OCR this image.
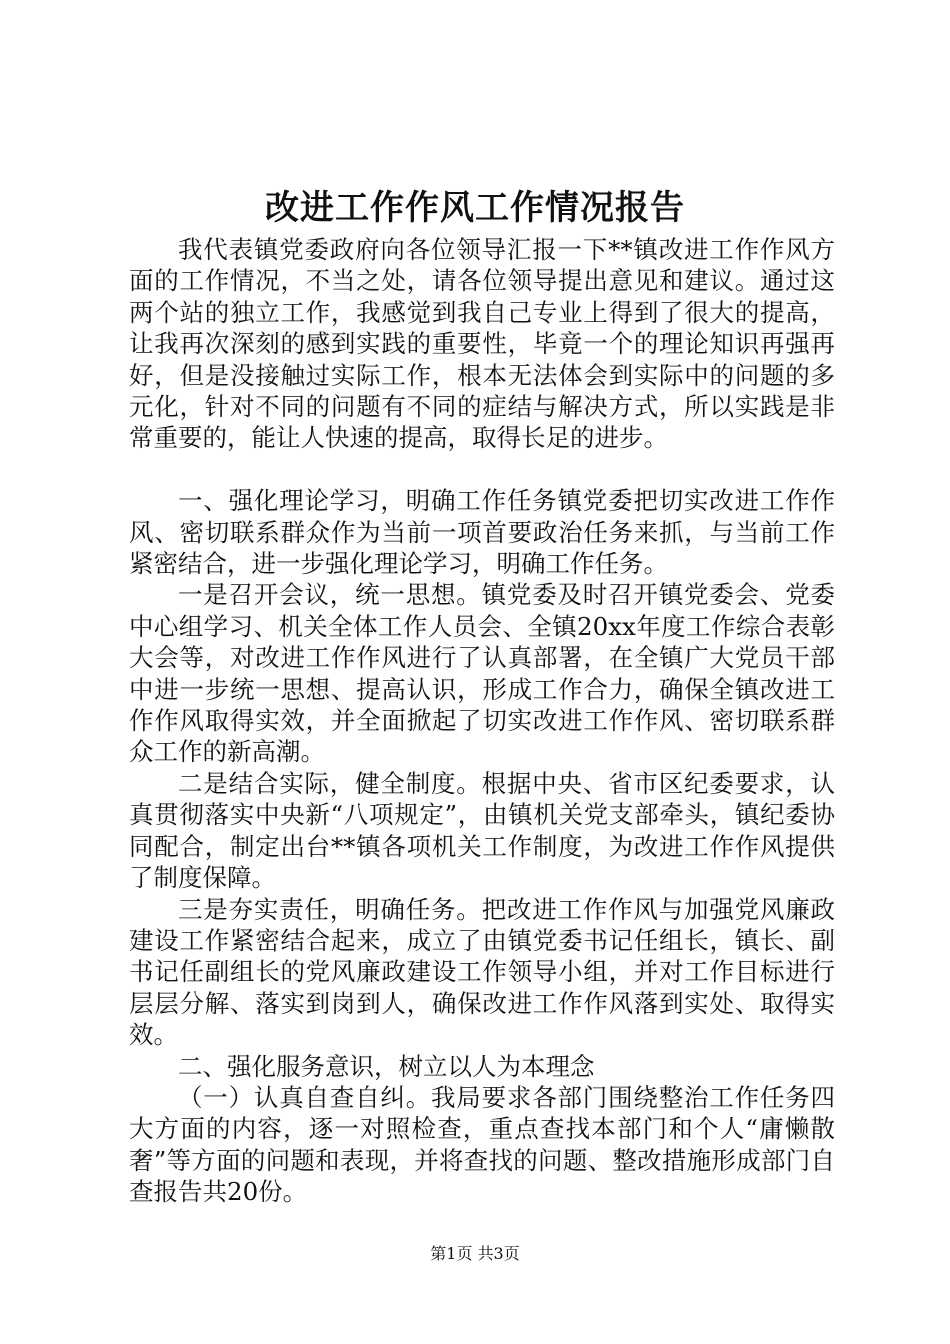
改进工作作风工作情况报告

我代表镇党委政府向各位领导汇报一下**镇改进工作作风方面的工作情况，不当之处，请各位领导提出意见和建议。通过这两个站的独立工作，我感觉到我自己专业上得到了很大的提高，让我再次深刻的感到实践的重要性，毕竟一个的理论知识再强再好，但是没接触过实际工作，根本无法体会到实际中的问题的多元化，针对不同的问题有不同的症结与解决方式，所以实践是非常重要的，能让人快速的提高，取得长足的进步。

一、强化理论学习，明确工作任务镇党委把切实改进工作作风、密切联系群众作为当前一项首要政治任务来抓，与当前工作紧密结合，进一步强化理论学习，明确工作任务。

一是召开会议，统一思想。镇党委及时召开镇党委会、党委中心组学习、机关全体工作人员会、全镇20xx年度工作综合表彰大会等，对改进工作作风进行了认真部署，在全镇广大党员干部中进一步统一思想、提高认识，形成工作合力，确保全镇改进工作作风取得实效，并全面掀起了切实改进工作作风、密切联系群众工作的新高潮。

二是结合实际，健全制度。根据中央、省市区纪委要求，认真贯彻落实中央新“八项规定”，由镇机关党支部牵头，镇纪委协同配合，制定出台**镇各项机关工作制度，为改进工作作风提供了制度保障。

三是夯实责任，明确任务。把改进工作作风与加强党风廉政建设工作紧密结合起来，成立了由镇党委书记任组长，镇长、副书记任副组长的党风廉政建设工作领导小组，并对工作目标进行层层分解、落实到岗到人，确保改进工作作风落到实处、取得实效。

二、强化服务意识，树立以人为本理念

（一）认真自查自纠。我局要求各部门围绕整治工作任务四大方面的内容，逐一对照检查，重点查找本部门和个人“庸懒散奢”等方面的问题和表现，并将查找的问题、整改措施形成部门自查报告共20份。

第1页 共3页
